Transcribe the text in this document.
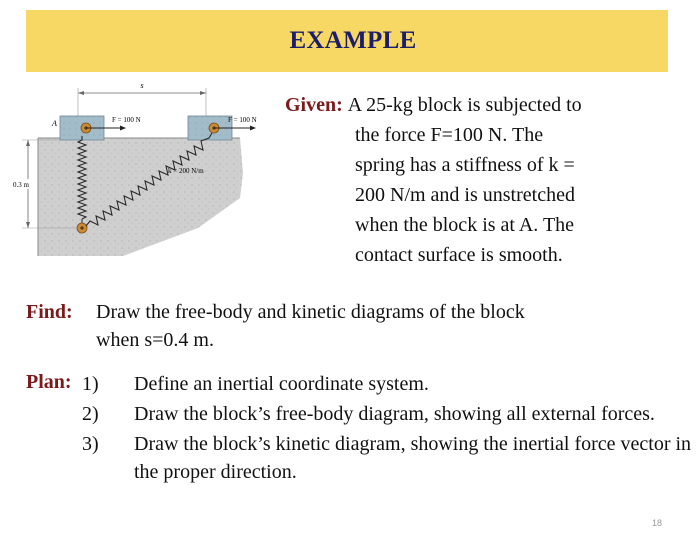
EXAMPLE
s
A	F = 100 N	F = 100 N
k = 200 N/m
0.3 m
Given: A 25-kg block is subjected to
the force F=100 N. The
spring has a stiffness of k =
200 N/m and is unstretched
when the block is at A. The
contact surface is smooth.
Find: Draw the free-body and kinetic diagrams of the block
when s=0.4 m.
Plan: 1) Define an inertial coordinate system.
2) Draw the block’s free-body diagram, showing all external forces.
3) Draw the block’s kinetic diagram, showing the inertial force vector in the proper direction.
18
